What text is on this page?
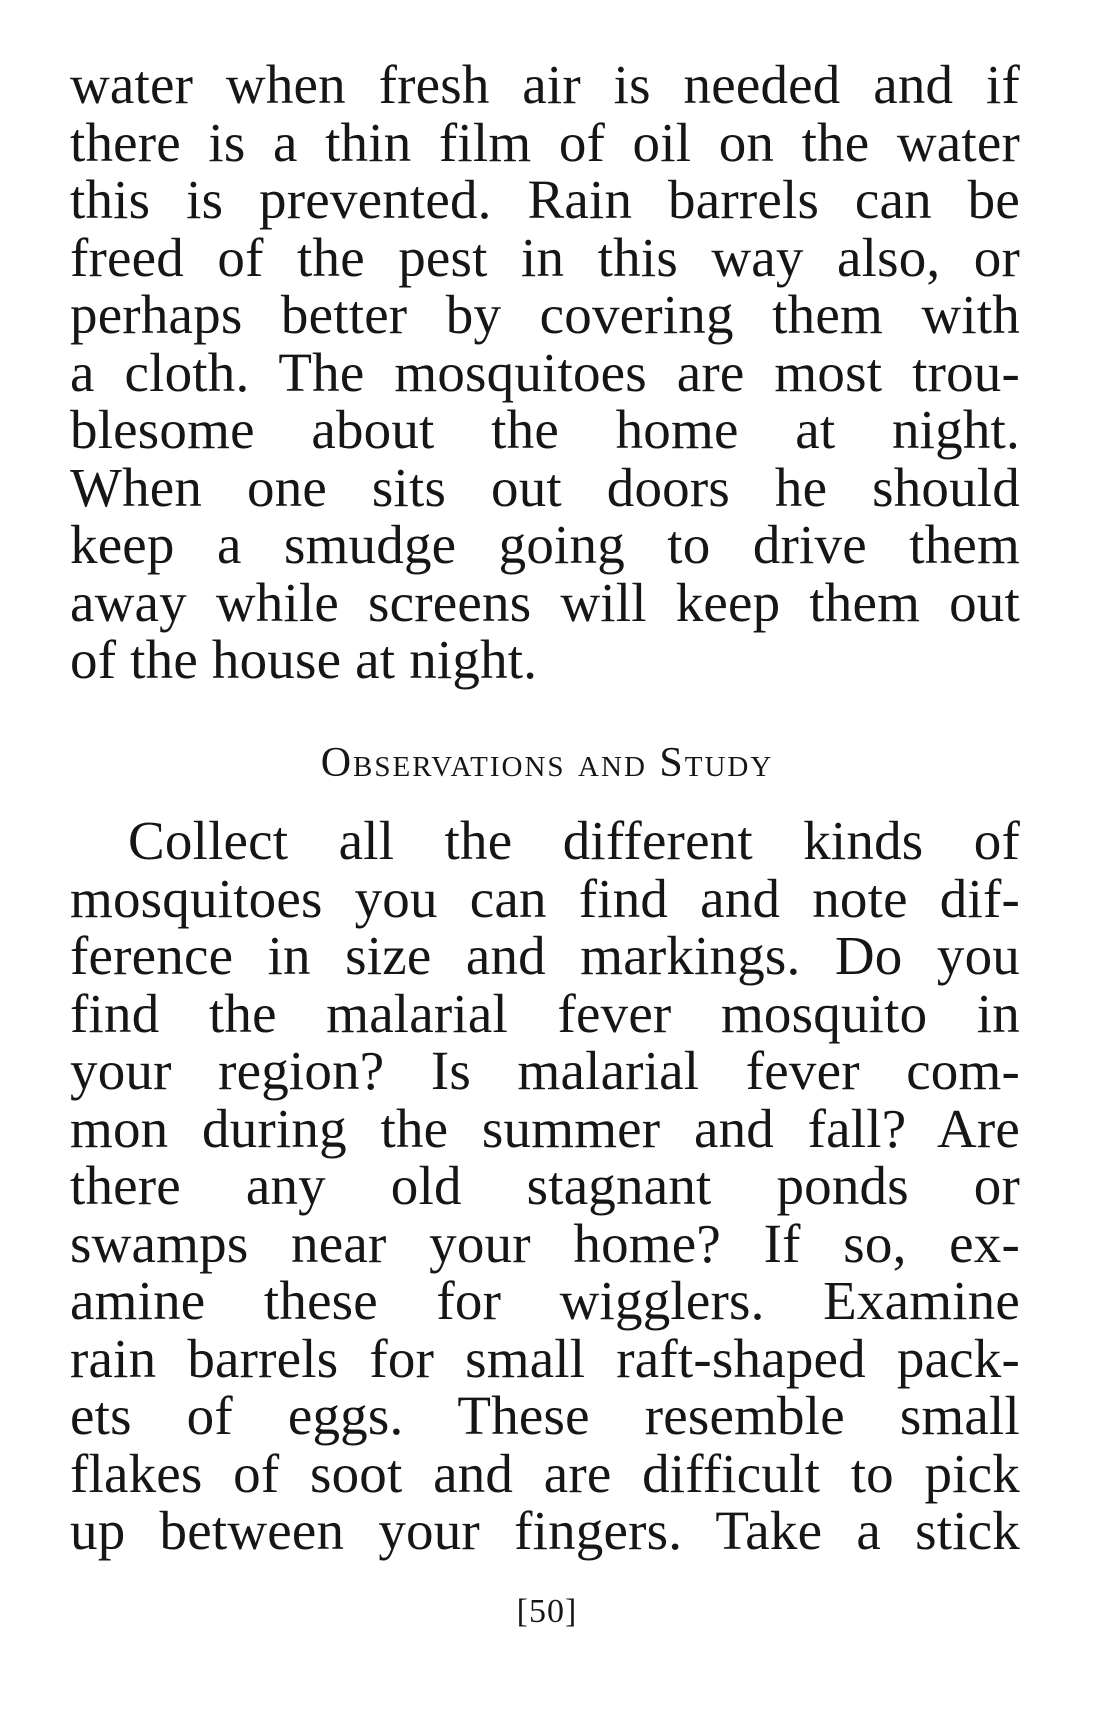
water when fresh air is needed and if
there is a thin film of oil on the water
this is prevented. Rain barrels can be
freed of the pest in this way also, or
perhaps better by covering them with
a cloth. The mosquitoes are most trou-
blesome about the home at night.
When one sits out doors he should
keep a smudge going to drive them
away while screens will keep them out
of the house at night.
Observations and Study
Collect all the different kinds of
mosquitoes you can find and note dif-
ference in size and markings. Do you
find the malarial fever mosquito in
your region? Is malarial fever com-
mon during the summer and fall? Are
there any old stagnant ponds or
swamps near your home? If so, ex-
amine these for wigglers. Examine
rain barrels for small raft-shaped pack-
ets of eggs. These resemble small
flakes of soot and are difficult to pick
up between your fingers. Take a stick
[50]
